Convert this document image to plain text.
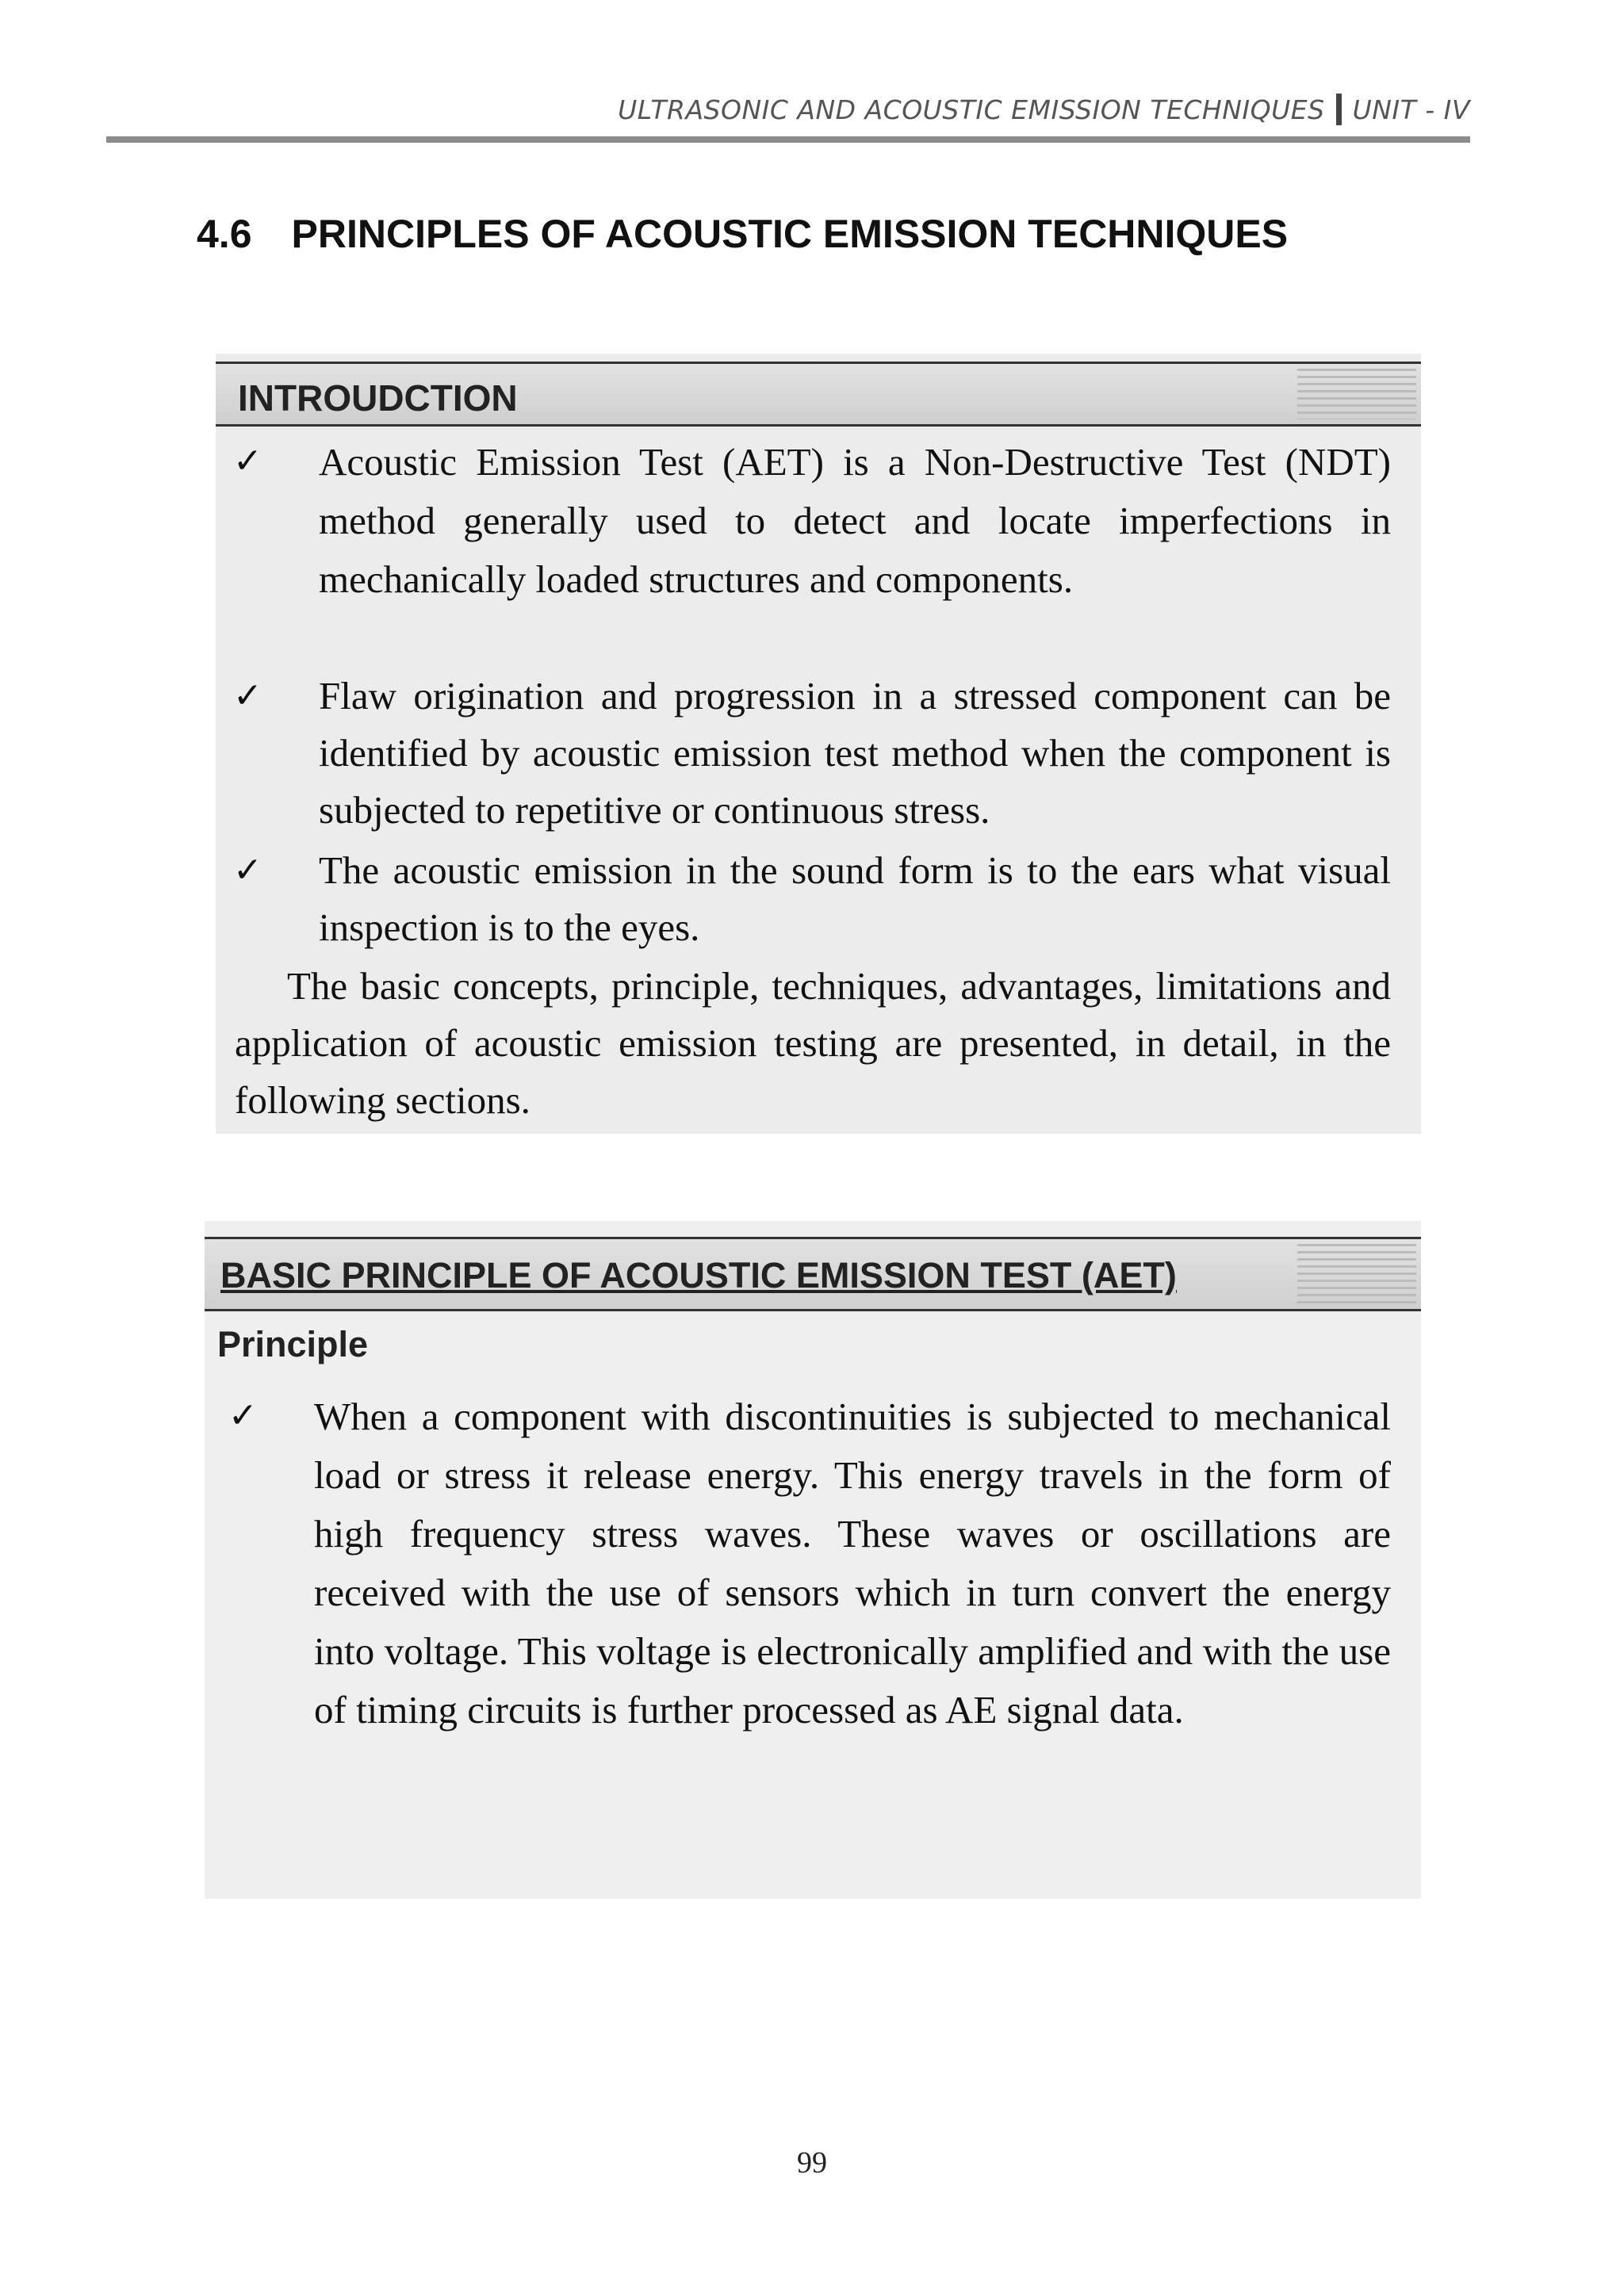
ULTRASONIC AND ACOUSTIC EMISSION TECHNIQUES UNIT - IV
4.6 PRINCIPLES OF ACOUSTIC EMISSION TECHNIQUES
INTROUDCTION
✓ Acoustic Emission Test (AET) is a Non-Destructive Test (NDT) method generally used to detect and locate imperfections in mechanically loaded structures and components.
✓ Flaw origination and progression in a stressed component can be identified by acoustic emission test method when the component is subjected to repetitive or continuous stress.
✓ The acoustic emission in the sound form is to the ears what visual inspection is to the eyes.
The basic concepts, principle, techniques, advantages, limitations and application of acoustic emission testing are presented, in detail, in the following sections.
BASIC PRINCIPLE OF ACOUSTIC EMISSION TEST (AET)
Principle
✓ When a component with discontinuities is subjected to mechanical load or stress it release energy. This energy travels in the form of high frequency stress waves. These waves or oscillations are received with the use of sensors which in turn convert the energy into voltage. This voltage is electronically amplified and with the use of timing circuits is further processed as AE signal data.
99
